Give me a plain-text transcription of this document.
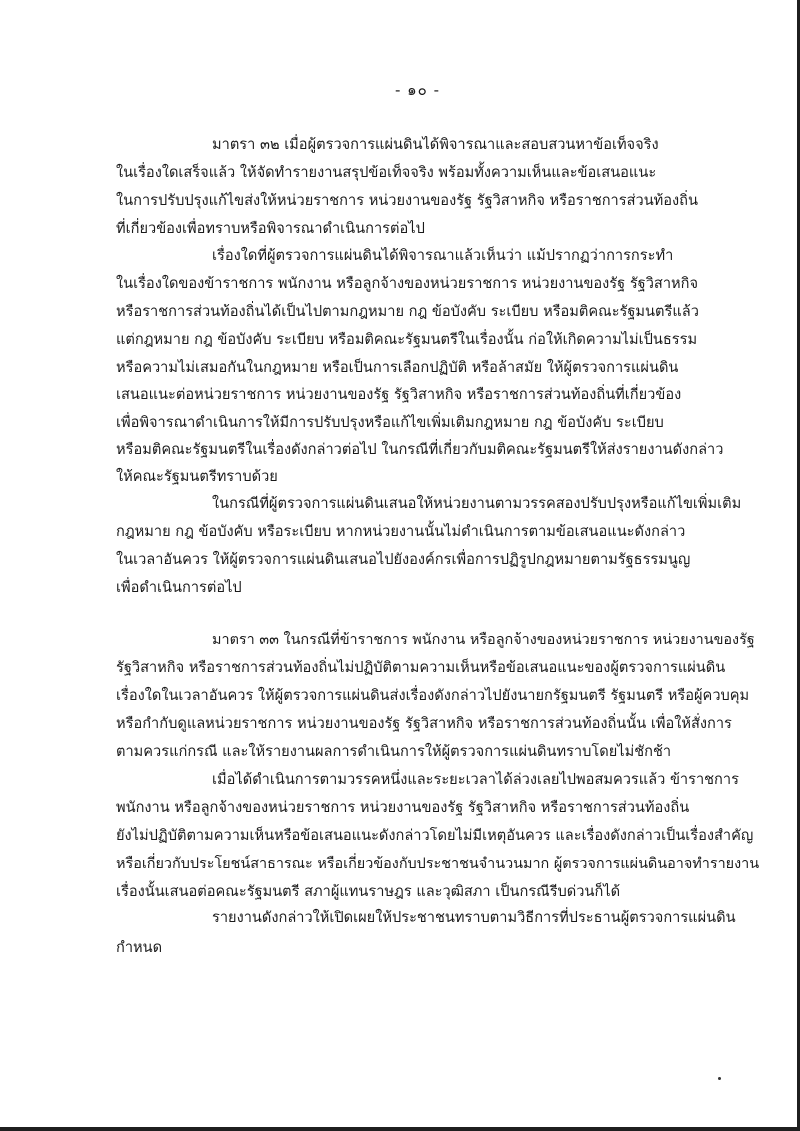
- ๑๐ -
มาตรา ๓๒ เมื่อผู้ตรวจการแผ่นดินได้พิจารณาและสอบสวนหาข้อเท็จจริง
ในเรื่องใดเสร็จแล้ว ให้จัดทำรายงานสรุปข้อเท็จจริง พร้อมทั้งความเห็นและข้อเสนอแนะ
ในการปรับปรุงแก้ไขส่งให้หน่วยราชการ หน่วยงานของรัฐ รัฐวิสาหกิจ หรือราชการส่วนท้องถิ่น
ที่เกี่ยวข้องเพื่อทราบหรือพิจารณาดำเนินการต่อไป
เรื่องใดที่ผู้ตรวจการแผ่นดินได้พิจารณาแล้วเห็นว่า แม้ปรากฏว่าการกระทำ
ในเรื่องใดของข้าราชการ พนักงาน หรือลูกจ้างของหน่วยราชการ หน่วยงานของรัฐ รัฐวิสาหกิจ
หรือราชการส่วนท้องถิ่นได้เป็นไปตามกฎหมาย กฎ ข้อบังคับ ระเบียบ หรือมติคณะรัฐมนตรีแล้ว
แต่กฎหมาย กฎ ข้อบังคับ ระเบียบ หรือมติคณะรัฐมนตรีในเรื่องนั้น ก่อให้เกิดความไม่เป็นธรรม
หรือความไม่เสมอกันในกฎหมาย หรือเป็นการเลือกปฏิบัติ หรือล้าสมัย ให้ผู้ตรวจการแผ่นดิน
เสนอแนะต่อหน่วยราชการ หน่วยงานของรัฐ รัฐวิสาหกิจ หรือราชการส่วนท้องถิ่นที่เกี่ยวข้อง
เพื่อพิจารณาดำเนินการให้มีการปรับปรุงหรือแก้ไขเพิ่มเติมกฎหมาย กฎ ข้อบังคับ ระเบียบ
หรือมติคณะรัฐมนตรีในเรื่องดังกล่าวต่อไป ในกรณีที่เกี่ยวกับมติคณะรัฐมนตรีให้ส่งรายงานดังกล่าว
ให้คณะรัฐมนตรีทราบด้วย
ในกรณีที่ผู้ตรวจการแผ่นดินเสนอให้หน่วยงานตามวรรคสองปรับปรุงหรือแก้ไขเพิ่มเติม
กฎหมาย กฎ ข้อบังคับ หรือระเบียบ หากหน่วยงานนั้นไม่ดำเนินการตามข้อเสนอแนะดังกล่าว
ในเวลาอันควร ให้ผู้ตรวจการแผ่นดินเสนอไปยังองค์กรเพื่อการปฏิรูปกฎหมายตามรัฐธรรมนูญ
เพื่อดำเนินการต่อไป
มาตรา ๓๓ ในกรณีที่ข้าราชการ พนักงาน หรือลูกจ้างของหน่วยราชการ หน่วยงานของรัฐ
รัฐวิสาหกิจ หรือราชการส่วนท้องถิ่นไม่ปฏิบัติตามความเห็นหรือข้อเสนอแนะของผู้ตรวจการแผ่นดิน
เรื่องใดในเวลาอันควร ให้ผู้ตรวจการแผ่นดินส่งเรื่องดังกล่าวไปยังนายกรัฐมนตรี รัฐมนตรี หรือผู้ควบคุม
หรือกำกับดูแลหน่วยราชการ หน่วยงานของรัฐ รัฐวิสาหกิจ หรือราชการส่วนท้องถิ่นนั้น เพื่อให้สั่งการ
ตามควรแก่กรณี และให้รายงานผลการดำเนินการให้ผู้ตรวจการแผ่นดินทราบโดยไม่ชักช้า
เมื่อได้ดำเนินการตามวรรคหนึ่งและระยะเวลาได้ล่วงเลยไปพอสมควรแล้ว ข้าราชการ
พนักงาน หรือลูกจ้างของหน่วยราชการ หน่วยงานของรัฐ รัฐวิสาหกิจ หรือราชการส่วนท้องถิ่น
ยังไม่ปฏิบัติตามความเห็นหรือข้อเสนอแนะดังกล่าวโดยไม่มีเหตุอันควร และเรื่องดังกล่าวเป็นเรื่องสำคัญ
หรือเกี่ยวกับประโยชน์สาธารณะ หรือเกี่ยวข้องกับประชาชนจำนวนมาก ผู้ตรวจการแผ่นดินอาจทำรายงาน
เรื่องนั้นเสนอต่อคณะรัฐมนตรี สภาผู้แทนราษฎร และวุฒิสภา เป็นกรณีรีบด่วนก็ได้
รายงานดังกล่าวให้เปิดเผยให้ประชาชนทราบตามวิธีการที่ประธานผู้ตรวจการแผ่นดิน
กำหนด
